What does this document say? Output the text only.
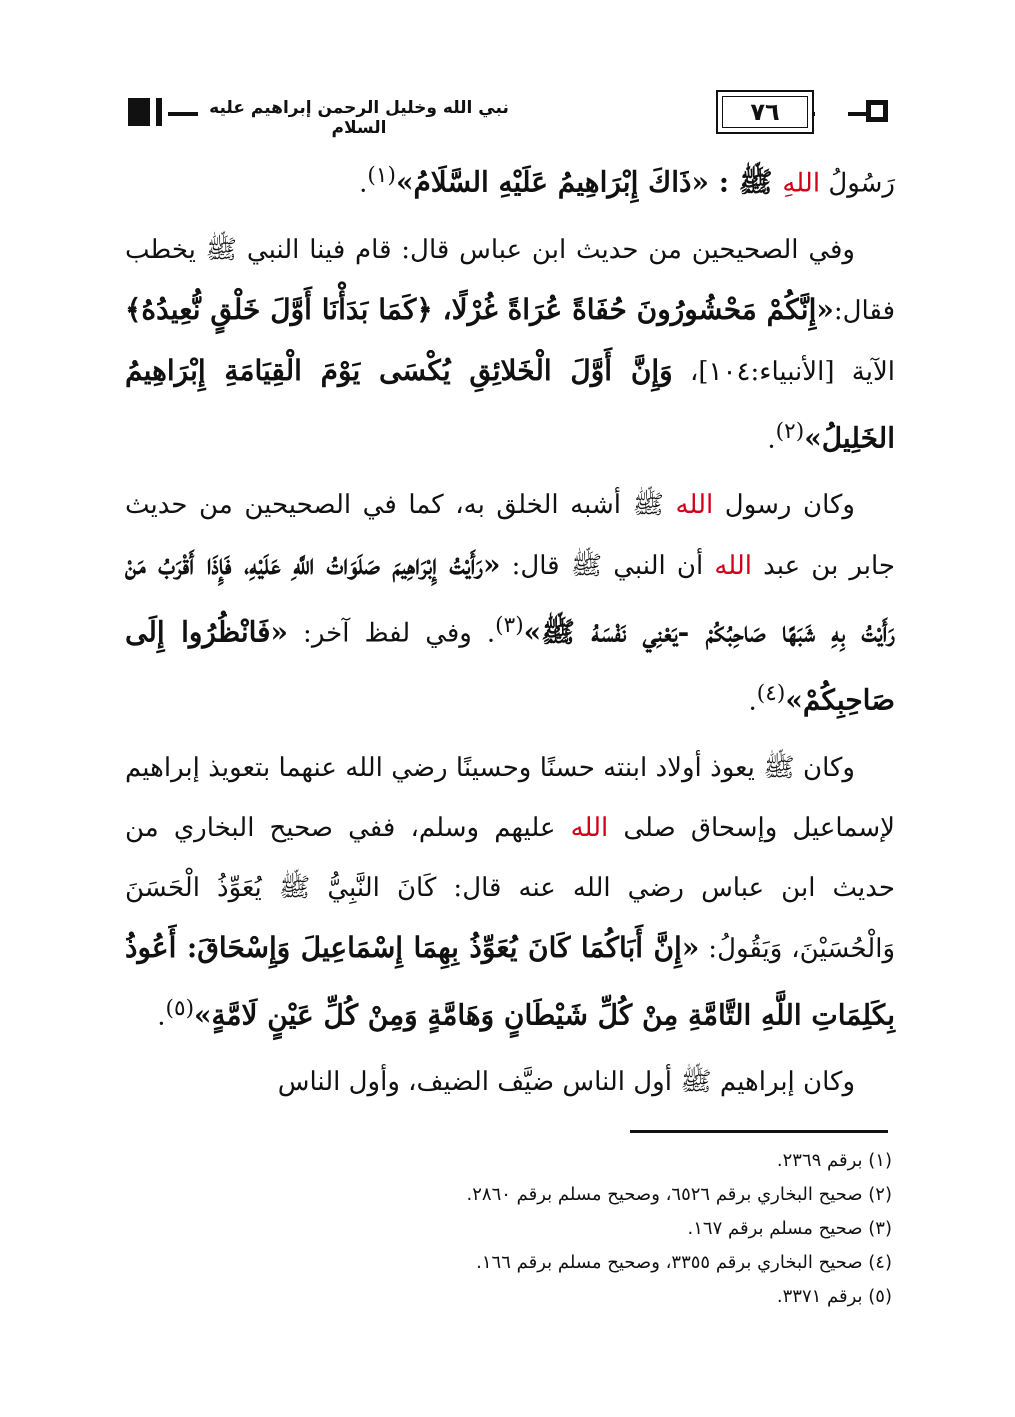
نبي الله وخليل الرحمن إبراهيم عليه السلام
٧٦

رَسُولُ اللهِ ﷺ : «ذَاكَ إِبْرَاهِيمُ عَلَيْهِ السَّلَامُ»$^{(١)}$.

وفي الصحيحين من حديث ابن عباس قال: قام فينا النبي ﷺ يخطب فقال:«إِنَّكُمْ مَحْشُورُونَ حُفَاةً عُرَاةً غُرْلًا، ﴿كَمَا بَدَأْنَا أَوَّلَ خَلْقٍ نُّعِيدُهُ﴾ الآية [الأنبياء:١٠٤]، وَإِنَّ أَوَّلَ الْخَلائِقِ يُكْسَى يَوْمَ الْقِيَامَةِ إِبْرَاهِيمُ الخَلِيلُ»$^{(٢)}$.

وكان رسول الله ﷺ أشبه الخلق به، كما في الصحيحين من حديث جابر بن عبد الله أن النبي ﷺ قال: «رَأَيْتُ إِبْرَاهِيمَ صَلَوَاتُ اللَّهِ عَلَيْهِ، فَإِذَا أَقْرَبُ مَنْ رَأَيْتُ بِهِ شَبَهًا صَاحِبُكُمْ -يَعْنِي نَفْسَهُ ﷺ»$^{(٣)}$. وفي لفظ آخر: «فَانْظُرُوا إِلَى صَاحِبِكُمْ»$^{(٤)}$.

وكان ﷺ يعوذ أولاد ابنته حسنًا وحسينًا رضي الله عنهما بتعويذ إبراهيم لإسماعيل وإسحاق صلى الله عليهم وسلم، ففي صحيح البخاري من حديث ابن عباس رضي الله عنه قال: كَانَ النَّبِيُّ ﷺ يُعَوِّذُ الْحَسَنَ وَالْحُسَيْنَ، وَيَقُولُ: «إِنَّ أَبَاكُمَا كَانَ يُعَوِّذُ بِهِمَا إِسْمَاعِيلَ وَإِسْحَاقَ: أَعُوذُ بِكَلِمَاتِ اللَّهِ التَّامَّةِ مِنْ كُلِّ شَيْطَانٍ وَهَامَّةٍ وَمِنْ كُلِّ عَيْنٍ لَامَّةٍ»$^{(٥)}$.

وكان إبراهيم ﷺ أول الناس ضيَّف الضيف، وأول الناس

(١) برقم ٢٣٦٩.
(٢) صحيح البخاري برقم ٦٥٢٦، وصحيح مسلم برقم ٢٨٦٠.
(٣) صحيح مسلم برقم ١٦٧.
(٤) صحيح البخاري برقم ٣٣٥٥، وصحيح مسلم برقم ١٦٦.
(٥) برقم ٣٣٧١.
